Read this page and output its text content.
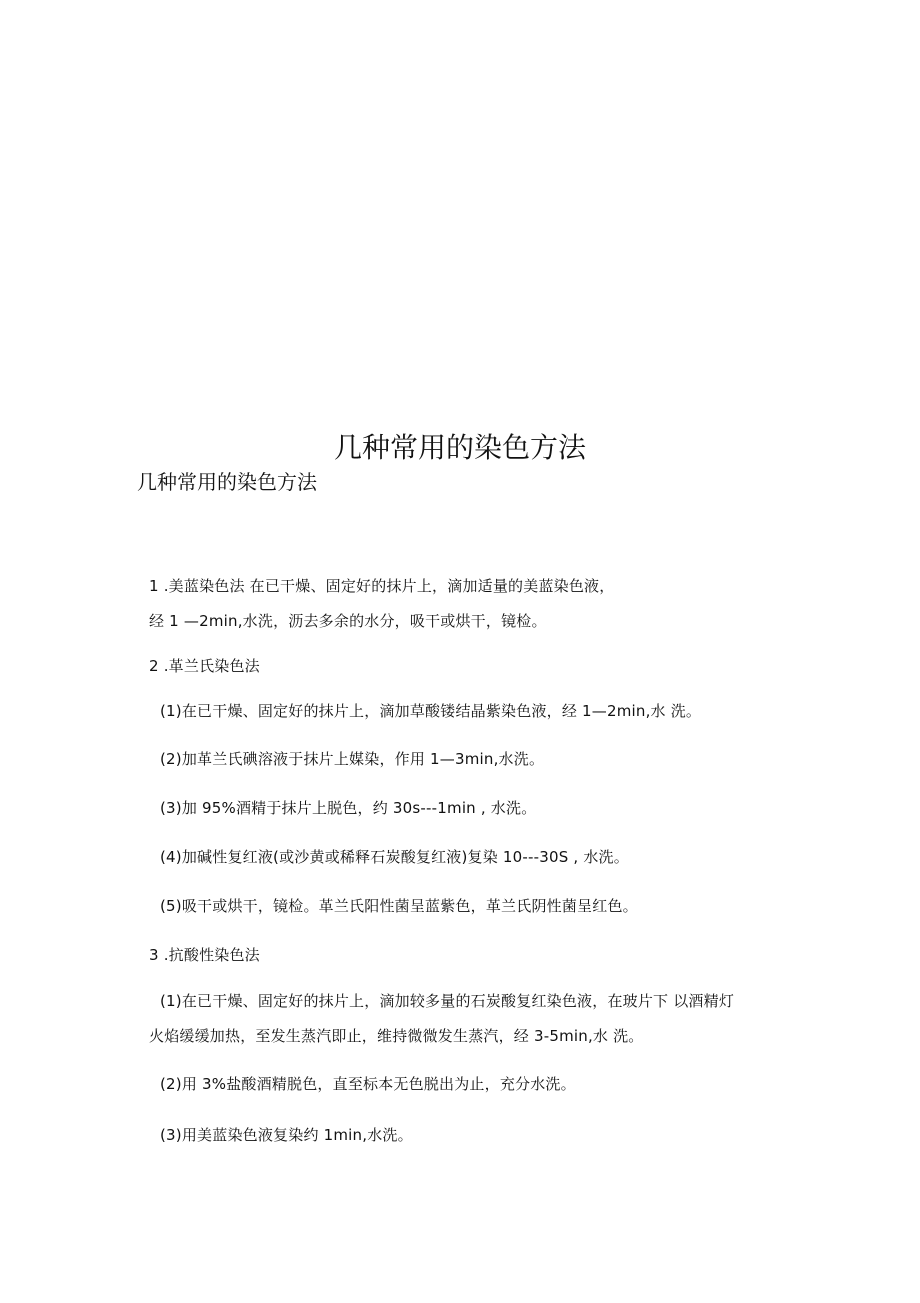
几种常用的染色方法
几种常用的染色方法
1 .美蓝染色法 在已干燥、固定好的抹片上，滴加适量的美蓝染色液，
经 1 —2min,水洗，沥去多余的水分，吸干或烘干，镜检。
2 .革兰氏染色法
(1)在已干燥、固定好的抹片上，滴加草酸镂结晶紫染色液，经 1—2min,水 洗。
(2)加革兰氏碘溶液于抹片上媒染，作用 1—3min,水洗。
(3)加 95%酒精于抹片上脱色，约 30s---1min , 水洗。
(4)加碱性复红液(或沙黄或稀释石炭酸复红液)复染 10---30S , 水洗。
(5)吸干或烘干，镜检。革兰氏阳性菌呈蓝紫色，革兰氏阴性菌呈红色。
3 .抗酸性染色法
(1)在已干燥、固定好的抹片上，滴加较多量的石炭酸复红染色液，在玻片下 以酒精灯
火焰缓缓加热，至发生蒸汽即止，维持微微发生蒸汽，经 3-5min,水 洗。
(2)用 3%盐酸酒精脱色，直至标本无色脱出为止，充分水洗。
(3)用美蓝染色液复染约 1min,水洗。
